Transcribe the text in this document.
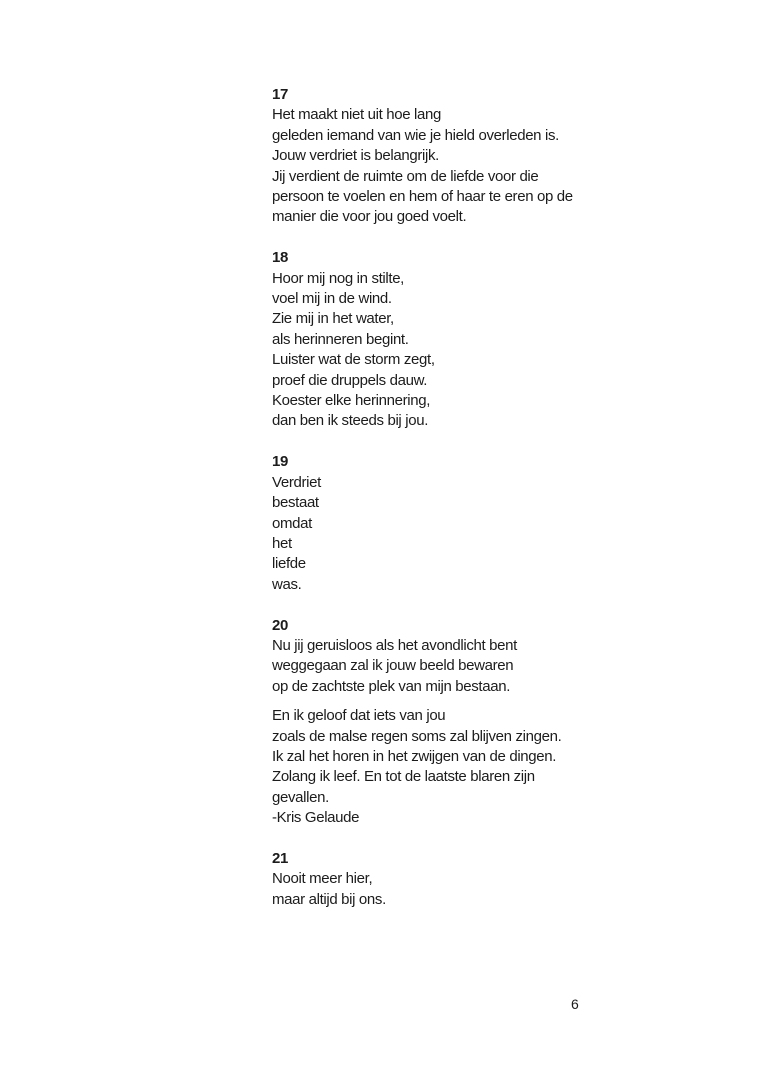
17
Het maakt niet uit hoe lang
geleden iemand van wie je hield overleden is.
Jouw verdriet is belangrijk.
Jij verdient de ruimte om de liefde voor die
persoon te voelen en hem of haar te eren op de
manier die voor jou goed voelt.
18
Hoor mij nog in stilte,
voel mij in de wind.
Zie mij in het water,
als herinneren begint.
Luister wat de storm zegt,
proef die druppels dauw.
Koester elke herinnering,
dan ben ik steeds bij jou.
19
Verdriet
bestaat
omdat
het
liefde
was.
20
Nu jij geruisloos als het avondlicht bent
weggegaan zal ik jouw beeld bewaren
op de zachtste plek van mijn bestaan.
En ik geloof dat iets van jou
zoals de malse regen soms zal blijven zingen.
Ik zal het horen in het zwijgen van de dingen.
Zolang ik leef. En tot de laatste blaren zijn
gevallen.
-Kris Gelaude
21
Nooit meer hier,
maar altijd bij ons.
6
